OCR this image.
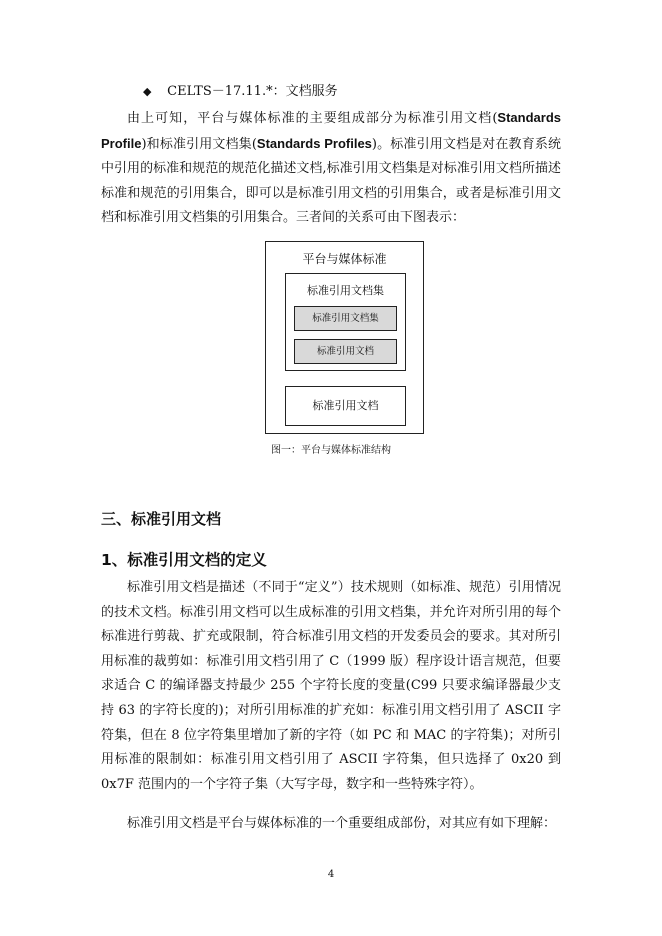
◆ CELTS－17.11.*：文档服务
由上可知，平台与媒体标准的主要组成部分为标准引用文档(Standards Profile)和标准引用文档集(Standards Profiles)。标准引用文档是对在教育系统中引用的标准和规范的规范化描述文档,标准引用文档集是对标准引用文档所描述标准和规范的引用集合，即可以是标准引用文档的引用集合，或者是标准引用文档和标准引用文档集的引用集合。三者间的关系可由下图表示：
平台与媒体标准
标准引用文档集
标准引用文档集
标准引用文档
标准引用文档
图一：平台与媒体标准结构
三、标准引用文档
1、标准引用文档的定义
标准引用文档是描述（不同于“定义”）技术规则（如标准、规范）引用情况的技术文档。标准引用文档可以生成标准的引用文档集，并允许对所引用的每个标准进行剪裁、扩充或限制，符合标准引用文档的开发委员会的要求。其对所引用标准的裁剪如：标准引用文档引用了 C（1999 版）程序设计语言规范，但要求适合 C 的编译器支持最少 255 个字符长度的变量(C99 只要求编译器最少支持 63 的字符长度的)；对所引用标准的扩充如：标准引用文档引用了 ASCII 字符集，但在 8 位字符集里增加了新的字符（如 PC 和 MAC 的字符集)；对所引用标准的限制如：标准引用文档引用了 ASCII 字符集，但只选择了 0x20 到 0x7F 范围内的一个字符子集（大写字母，数字和一些特殊字符）。
标准引用文档是平台与媒体标准的一个重要组成部份，对其应有如下理解：
4
